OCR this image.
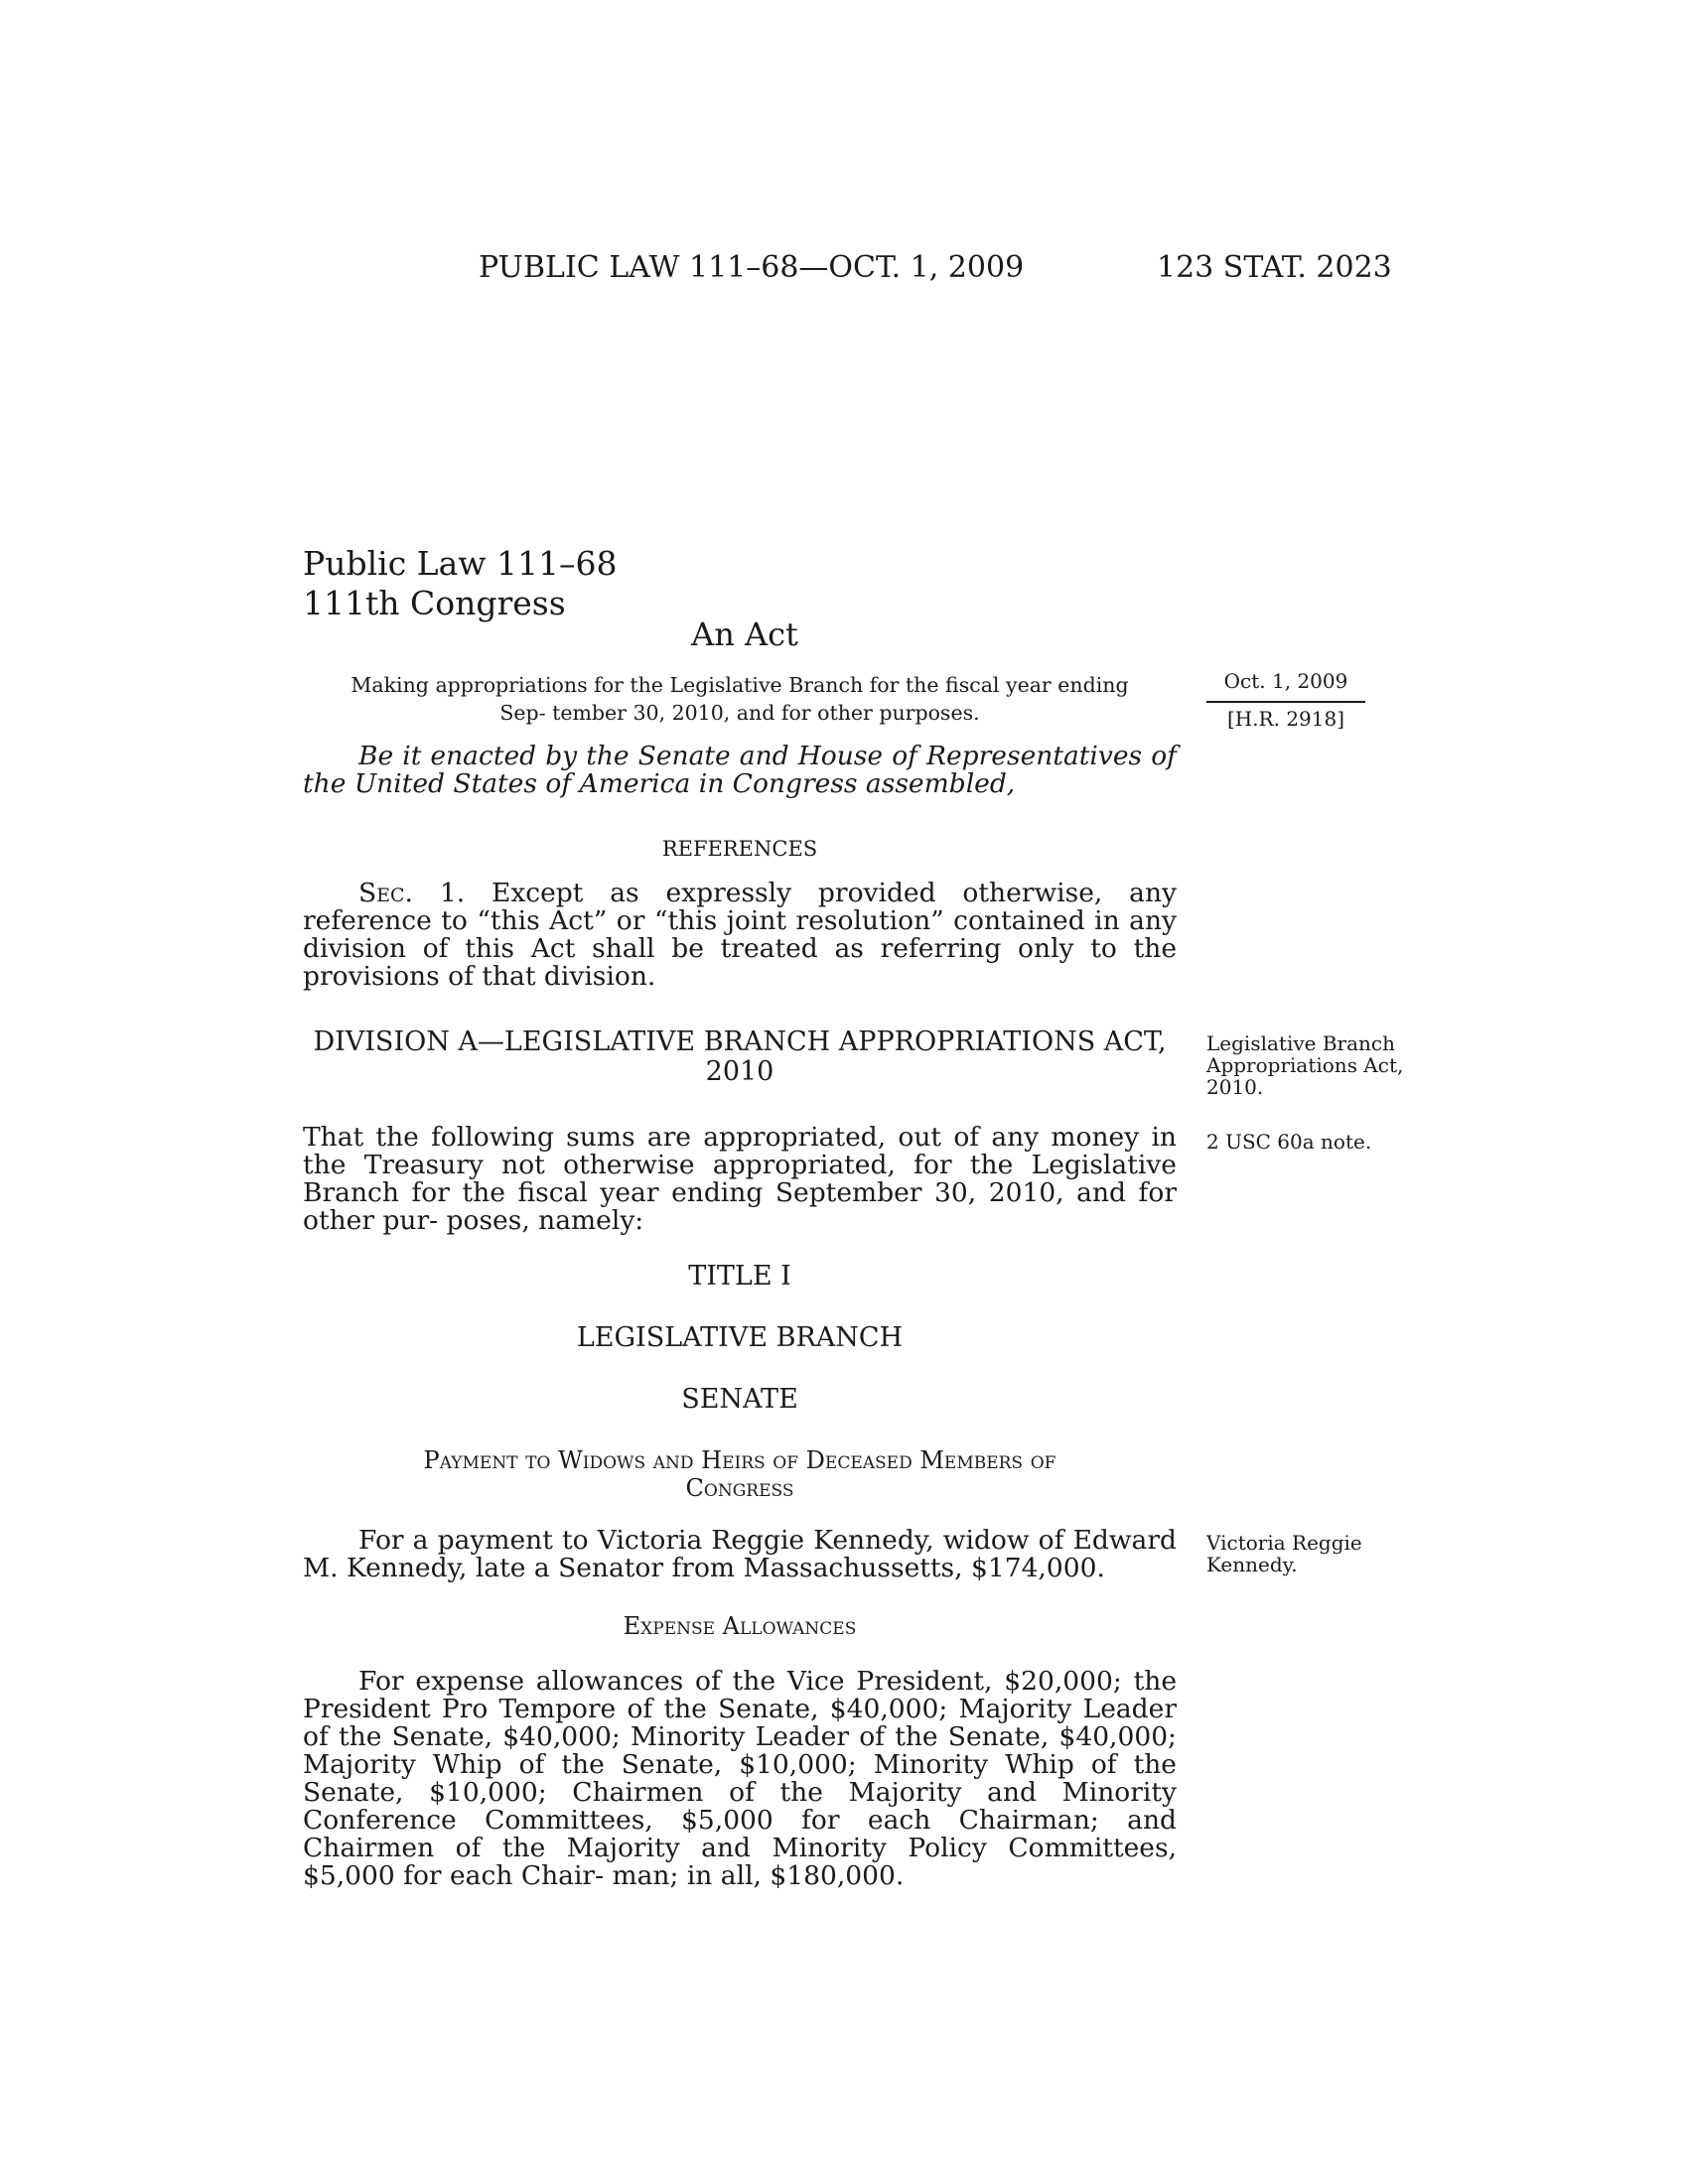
PUBLIC LAW 111–68—OCT. 1, 2009	123 STAT. 2023
Public Law 111–68
111th Congress
An Act
Making appropriations for the Legislative Branch for the fiscal year ending Sep- tember 30, 2010, and for other purposes.
Oct. 1, 2009
[H.R. 2918]
Be it enacted by the Senate and House of Representatives of the United States of America in Congress assembled,
REFERENCES
Sec. 1. Except as expressly provided otherwise, any reference to “this Act” or “this joint resolution” contained in any division of this Act shall be treated as referring only to the provisions of that division.
DIVISION A—LEGISLATIVE BRANCH APPROPRIATIONS ACT,
2010
Legislative Branch Appropriations Act, 2010.
That the following sums are appropriated, out of any money in the Treasury not otherwise appropriated, for the Legislative Branch for the fiscal year ending September 30, 2010, and for other pur- poses, namely:
2 USC 60a note.
TITLE I
LEGISLATIVE BRANCH
SENATE
Payment to Widows and Heirs of Deceased Members of
Congress
For a payment to Victoria Reggie Kennedy, widow of Edward M. Kennedy, late a Senator from Massachussetts, $174,000.
Victoria Reggie Kennedy.
Expense Allowances
For expense allowances of the Vice President, $20,000; the President Pro Tempore of the Senate, $40,000; Majority Leader of the Senate, $40,000; Minority Leader of the Senate, $40,000; Majority Whip of the Senate, $10,000; Minority Whip of the Senate, $10,000; Chairmen of the Majority and Minority Conference Committees, $5,000 for each Chairman; and Chairmen of the Majority and Minority Policy Committees, $5,000 for each Chair- man; in all, $180,000.
